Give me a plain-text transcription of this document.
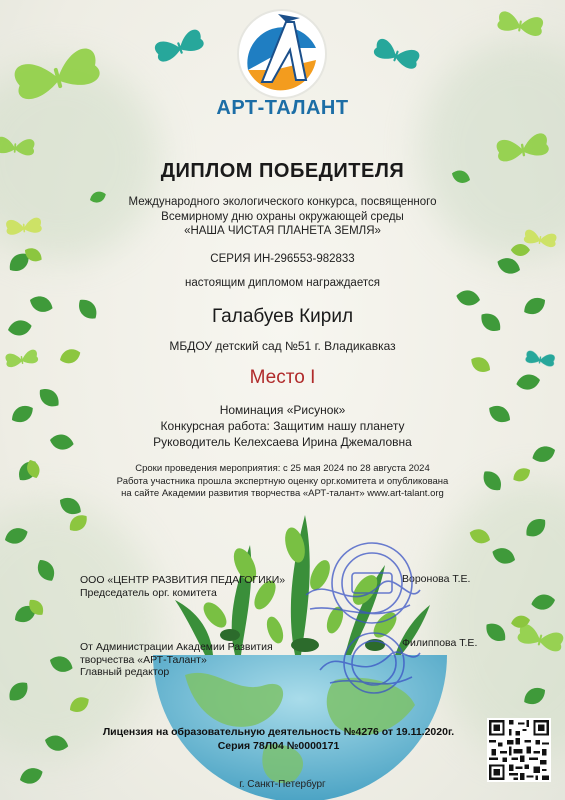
АРТ-ТАЛАНТ
ДИПЛОМ ПОБЕДИТЕЛЯ
Международного экологического конкурса, посвященного
Всемирному дню охраны окружающей среды
«НАША ЧИСТАЯ ПЛАНЕТА ЗЕМЛЯ»
СЕРИЯ ИН-296553-982833
настоящим дипломом награждается
Галабуев Кирил
МБДОУ детский сад №51 г. Владикавказ
Место I
Номинация «Рисунок»
Конкурсная работа: Защитим нашу планету
Руководитель Келехсаева Ирина Джемаловна
Сроки проведения мероприятия: с 25 мая 2024 по 28 августа 2024
Работа участника прошла экспертную оценку орг.комитета и опубликована
на сайте Академии развития творчества «АРТ-талант» www.art-talant.org
ООО «ЦЕНТР РАЗВИТИЯ ПЕДАГОГИКИ»
Председатель орг. комитета
Воронова Т.Е.
От Администрации Академии Развития
творчества «АРТ-Талант»
Главный редактор
Филиппова Т.Е.
Лицензия на образовательную деятельность №4276 от 19.11.2020г.
Серия 78Л04 №0000171
г. Санкт-Петербург
